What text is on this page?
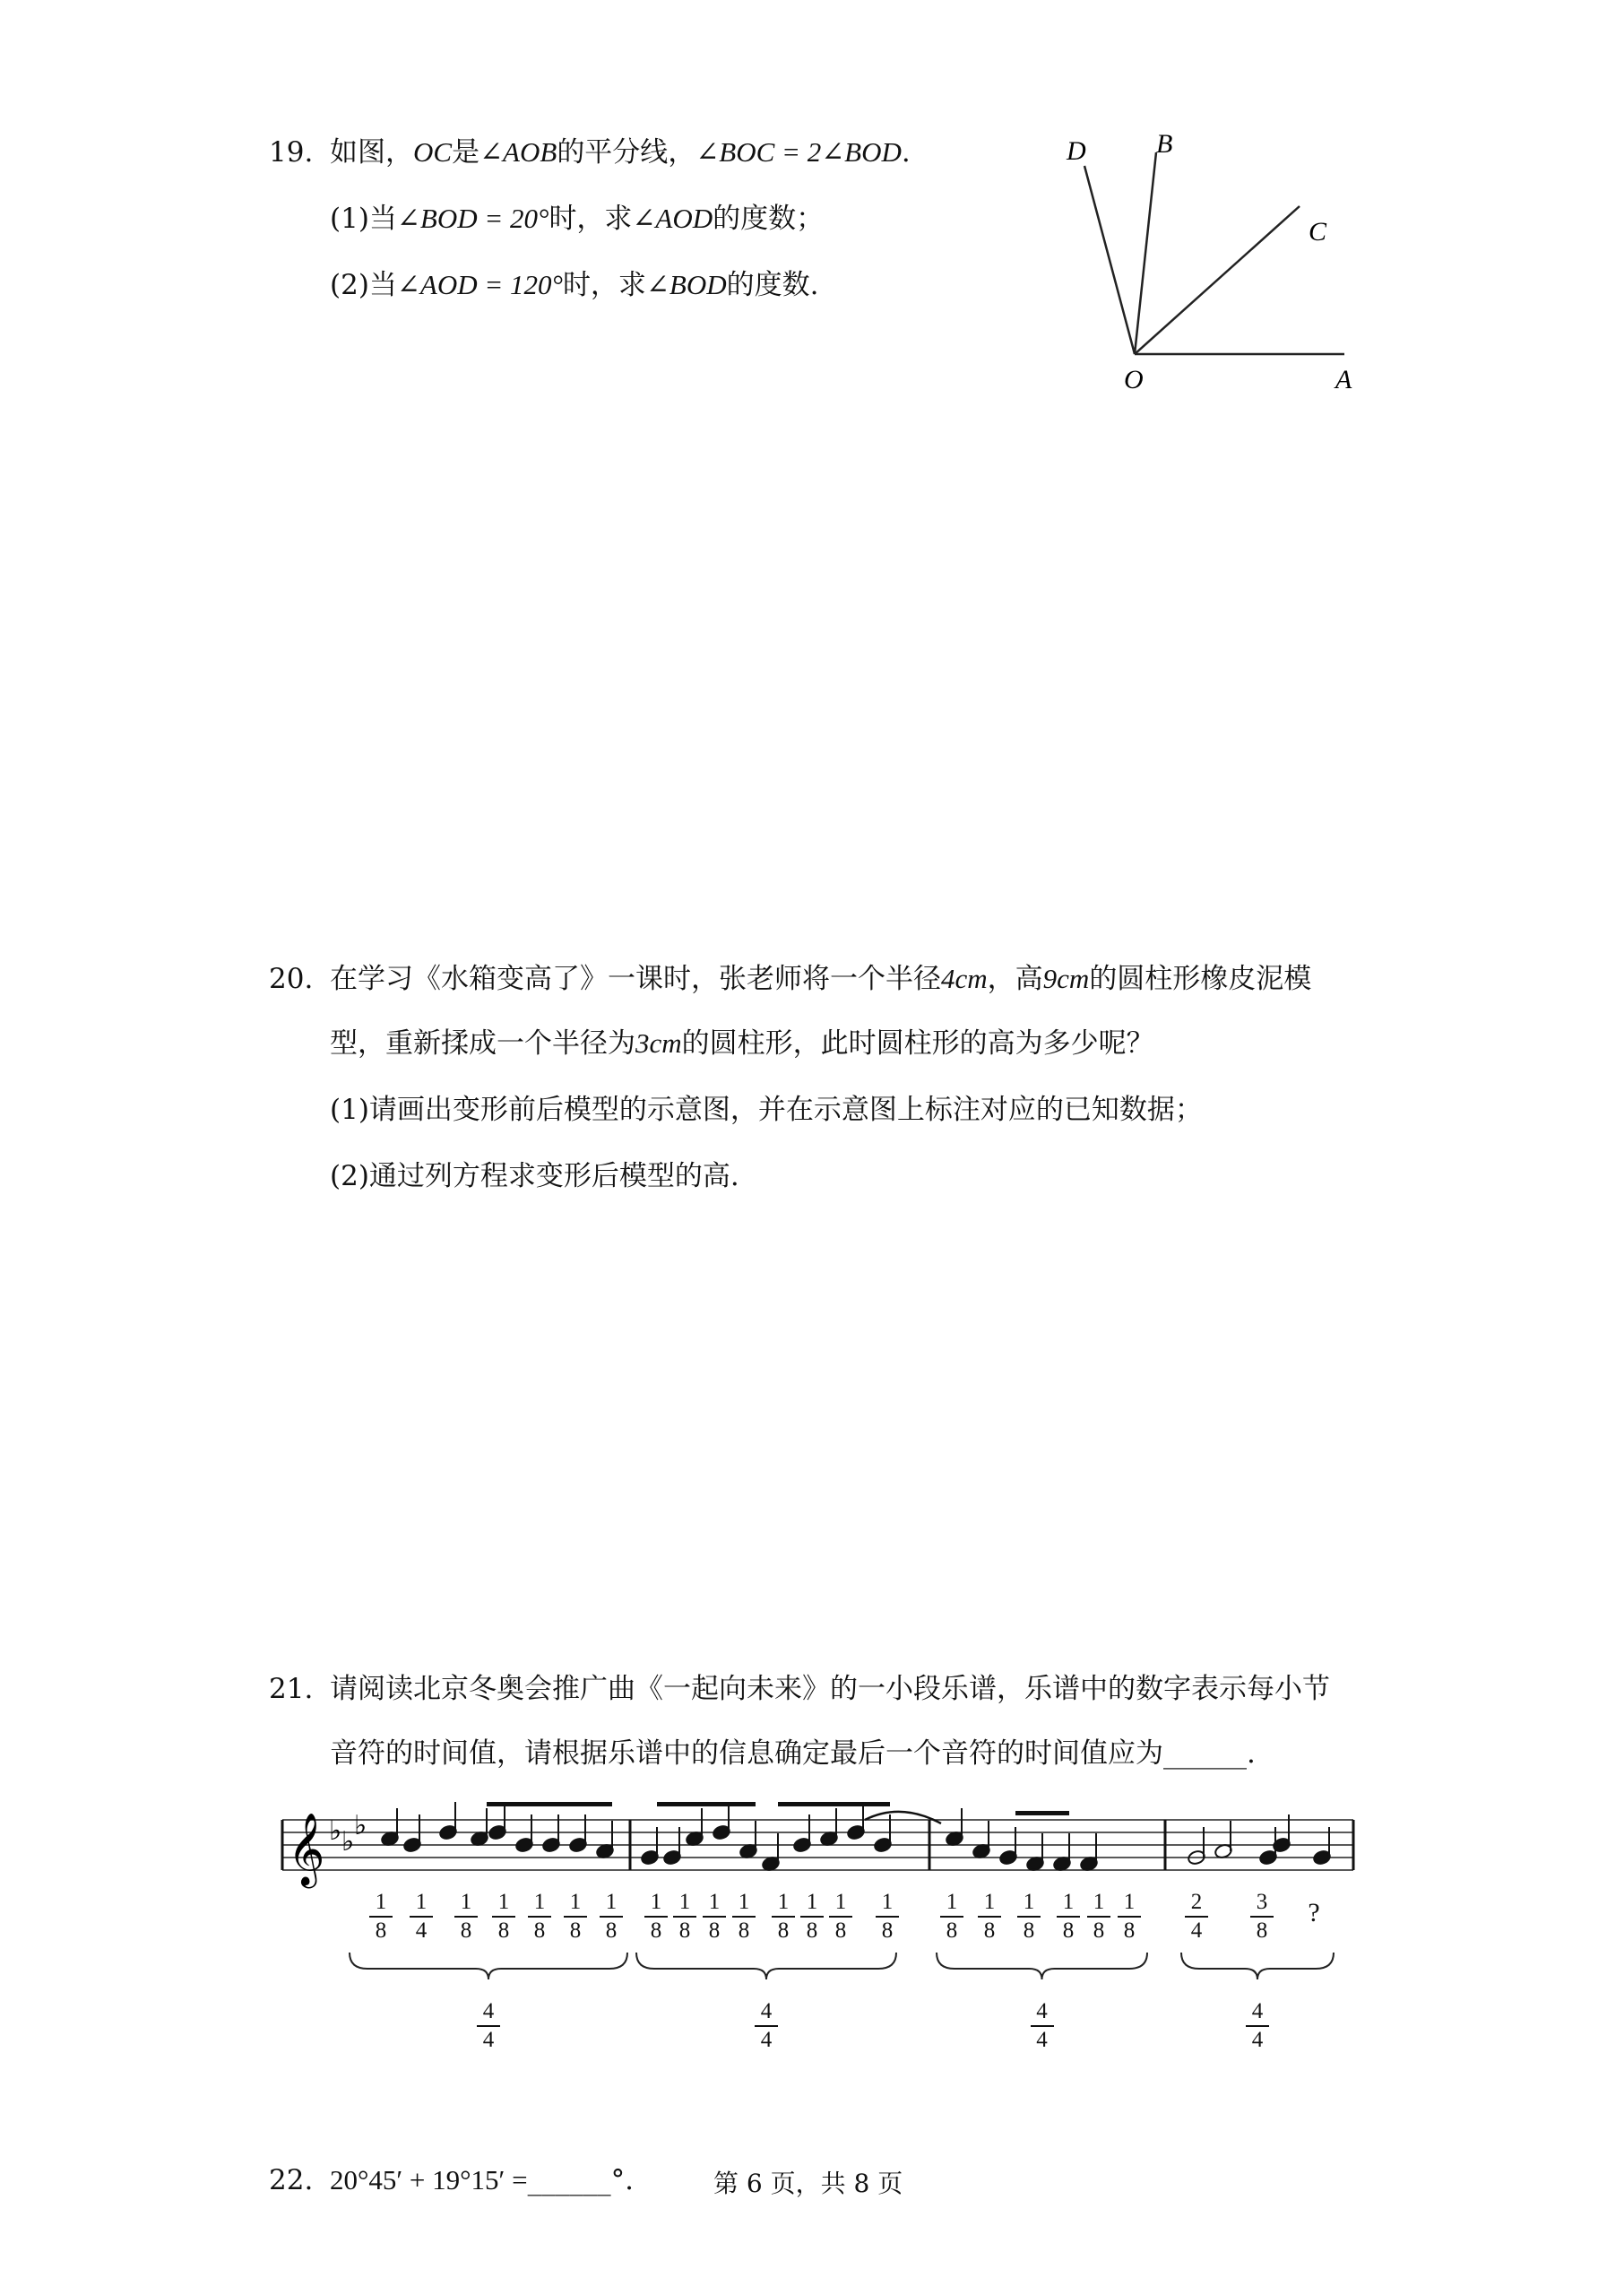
19. 如图，OC是∠AOB的平分线，∠BOC = 2∠BOD.
(1)当∠BOD = 20°时，求∠AOD的度数；
(2)当∠AOD = 120°时，求∠BOD的度数.
D	B
C
O	A
20. 在学习《水箱变高了》一课时，张老师将一个半径4cm，高9cm的圆柱形橡皮泥模
型，重新揉成一个半径为3cm的圆柱形，此时圆柱形的高为多少呢？
(1)请画出变形前后模型的示意图，并在示意图上标注对应的已知数据；
(2)通过列方程求变形后模型的高.
21. 请阅读北京冬奥会推广曲《一起向未来》的一小段乐谱，乐谱中的数字表示每小节
音符的时间值，请根据乐谱中的信息确定最后一个音符的时间值应为______.
𝄞 ♭ ♭
♭
1
8
1
4
1
8
1
8
1
8
1
8
1
8
4
4
1
8
1
8
1
8
1
8
1
8
1
8
1
8
1
8
4
4
1
8
1
8
1
8
1
8
1
8
1
8
4
4
2
4
3
8
?
4
4
22. 20°45′ + 19°15′ =______°.	第 6 页，共 8 页
